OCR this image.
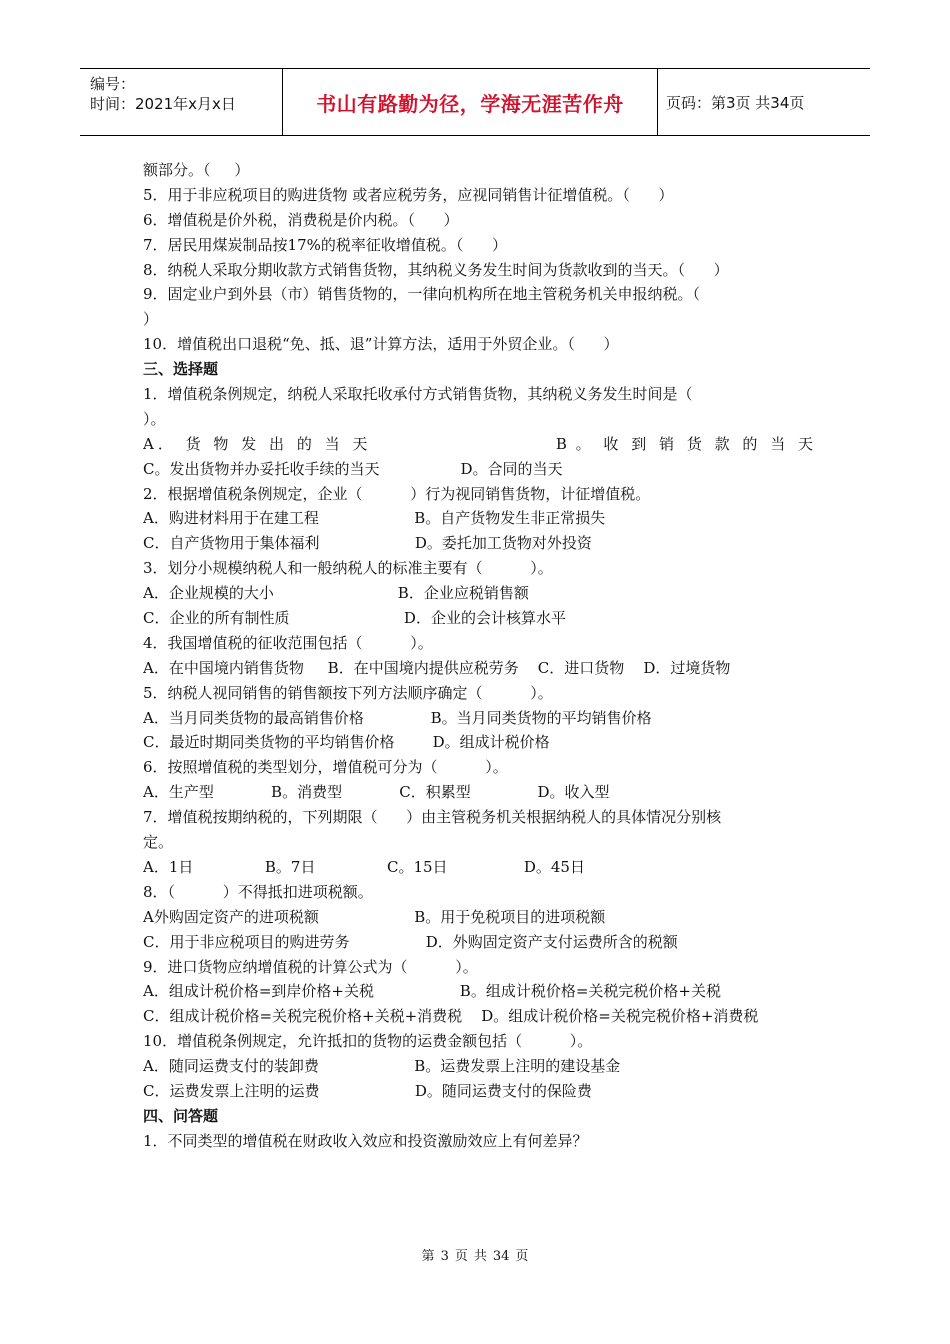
编号：
时间：2021年x月x日	书山有路勤为径，学海无涯苦作舟	页码：第3页 共34页
额部分。（     ）
5．用于非应税项目的购进货物 或者应税劳务，应视同销售计征增值税。（      ）
6．增值税是价外税，消费税是价内税。（      ）
7．居民用煤炭制品按17%的税率征收增值税。（      ）
8．纳税人采取分期收款方式销售货物，其纳税义务发生时间为货款收到的当天。（      ）
9．固定业户到外县（市）销售货物的，一律向机构所在地主管税务机关申报纳税。（
）
10．增值税出口退税“免、抵、退”计算方法，适用于外贸企业。（      ）
三、选择题
1．增值税条例规定，纳税人采取托收承付方式销售货物，其纳税义务发生时间是（
）。
A． 货 物 发 出 的 当 天                     B 。 收 到 销 货 款 的 当 天
C。发出货物并办妥托收手续的当天                 D。合同的当天
2．根据增值税条例规定，企业（          ）行为视同销售货物，计征增值税。
A．购进材料用于在建工程                    B。自产货物发生非正常损失
C．自产货物用于集体福利                    D。委托加工货物对外投资
3．划分小规模纳税人和一般纳税人的标准主要有（          ）。
A．企业规模的大小                          B．企业应税销售额
C．企业的所有制性质                        D．企业的会计核算水平
4．我国增值税的征收范围包括（          ）。
A．在中国境内销售货物     B．在中国境内提供应税劳务    C．进口货物    D．过境货物
5．纳税人视同销售的销售额按下列方法顺序确定（          ）。
A．当月同类货物的最高销售价格              B。当月同类货物的平均销售价格
C．最近时期同类货物的平均销售价格        D。组成计税价格
6．按照增值税的类型划分，增值税可分为（          ）。
A．生产型            B。消费型            C．积累型              D。收入型
7．增值税按期纳税的，下列期限（      ）由主管税务机关根据纳税人的具体情况分别核
定。
A．1日               B。7日               C。15日                D。45日
8．（          ）不得抵扣进项税额。
A外购固定资产的进项税额                    B。用于免税项目的进项税额
C．用于非应税项目的购进劳务                D．外购固定资产支付运费所含的税额
9．进口货物应纳增值税的计算公式为（          ）。
A．组成计税价格=到岸价格+关税                  B。组成计税价格=关税完税价格+关税
C．组成计税价格=关税完税价格+关税+消费税    D。组成计税价格=关税完税价格+消费税
10．增值税条例规定，允许抵扣的货物的运费金额包括（          ）。
A．随同运费支付的装卸费                    B。运费发票上注明的建设基金
C．运费发票上注明的运费                    D。随同运费支付的保险费
四、问答题
1．不同类型的增值税在财政收入效应和投资激励效应上有何差异？
第 3 页 共 34 页
